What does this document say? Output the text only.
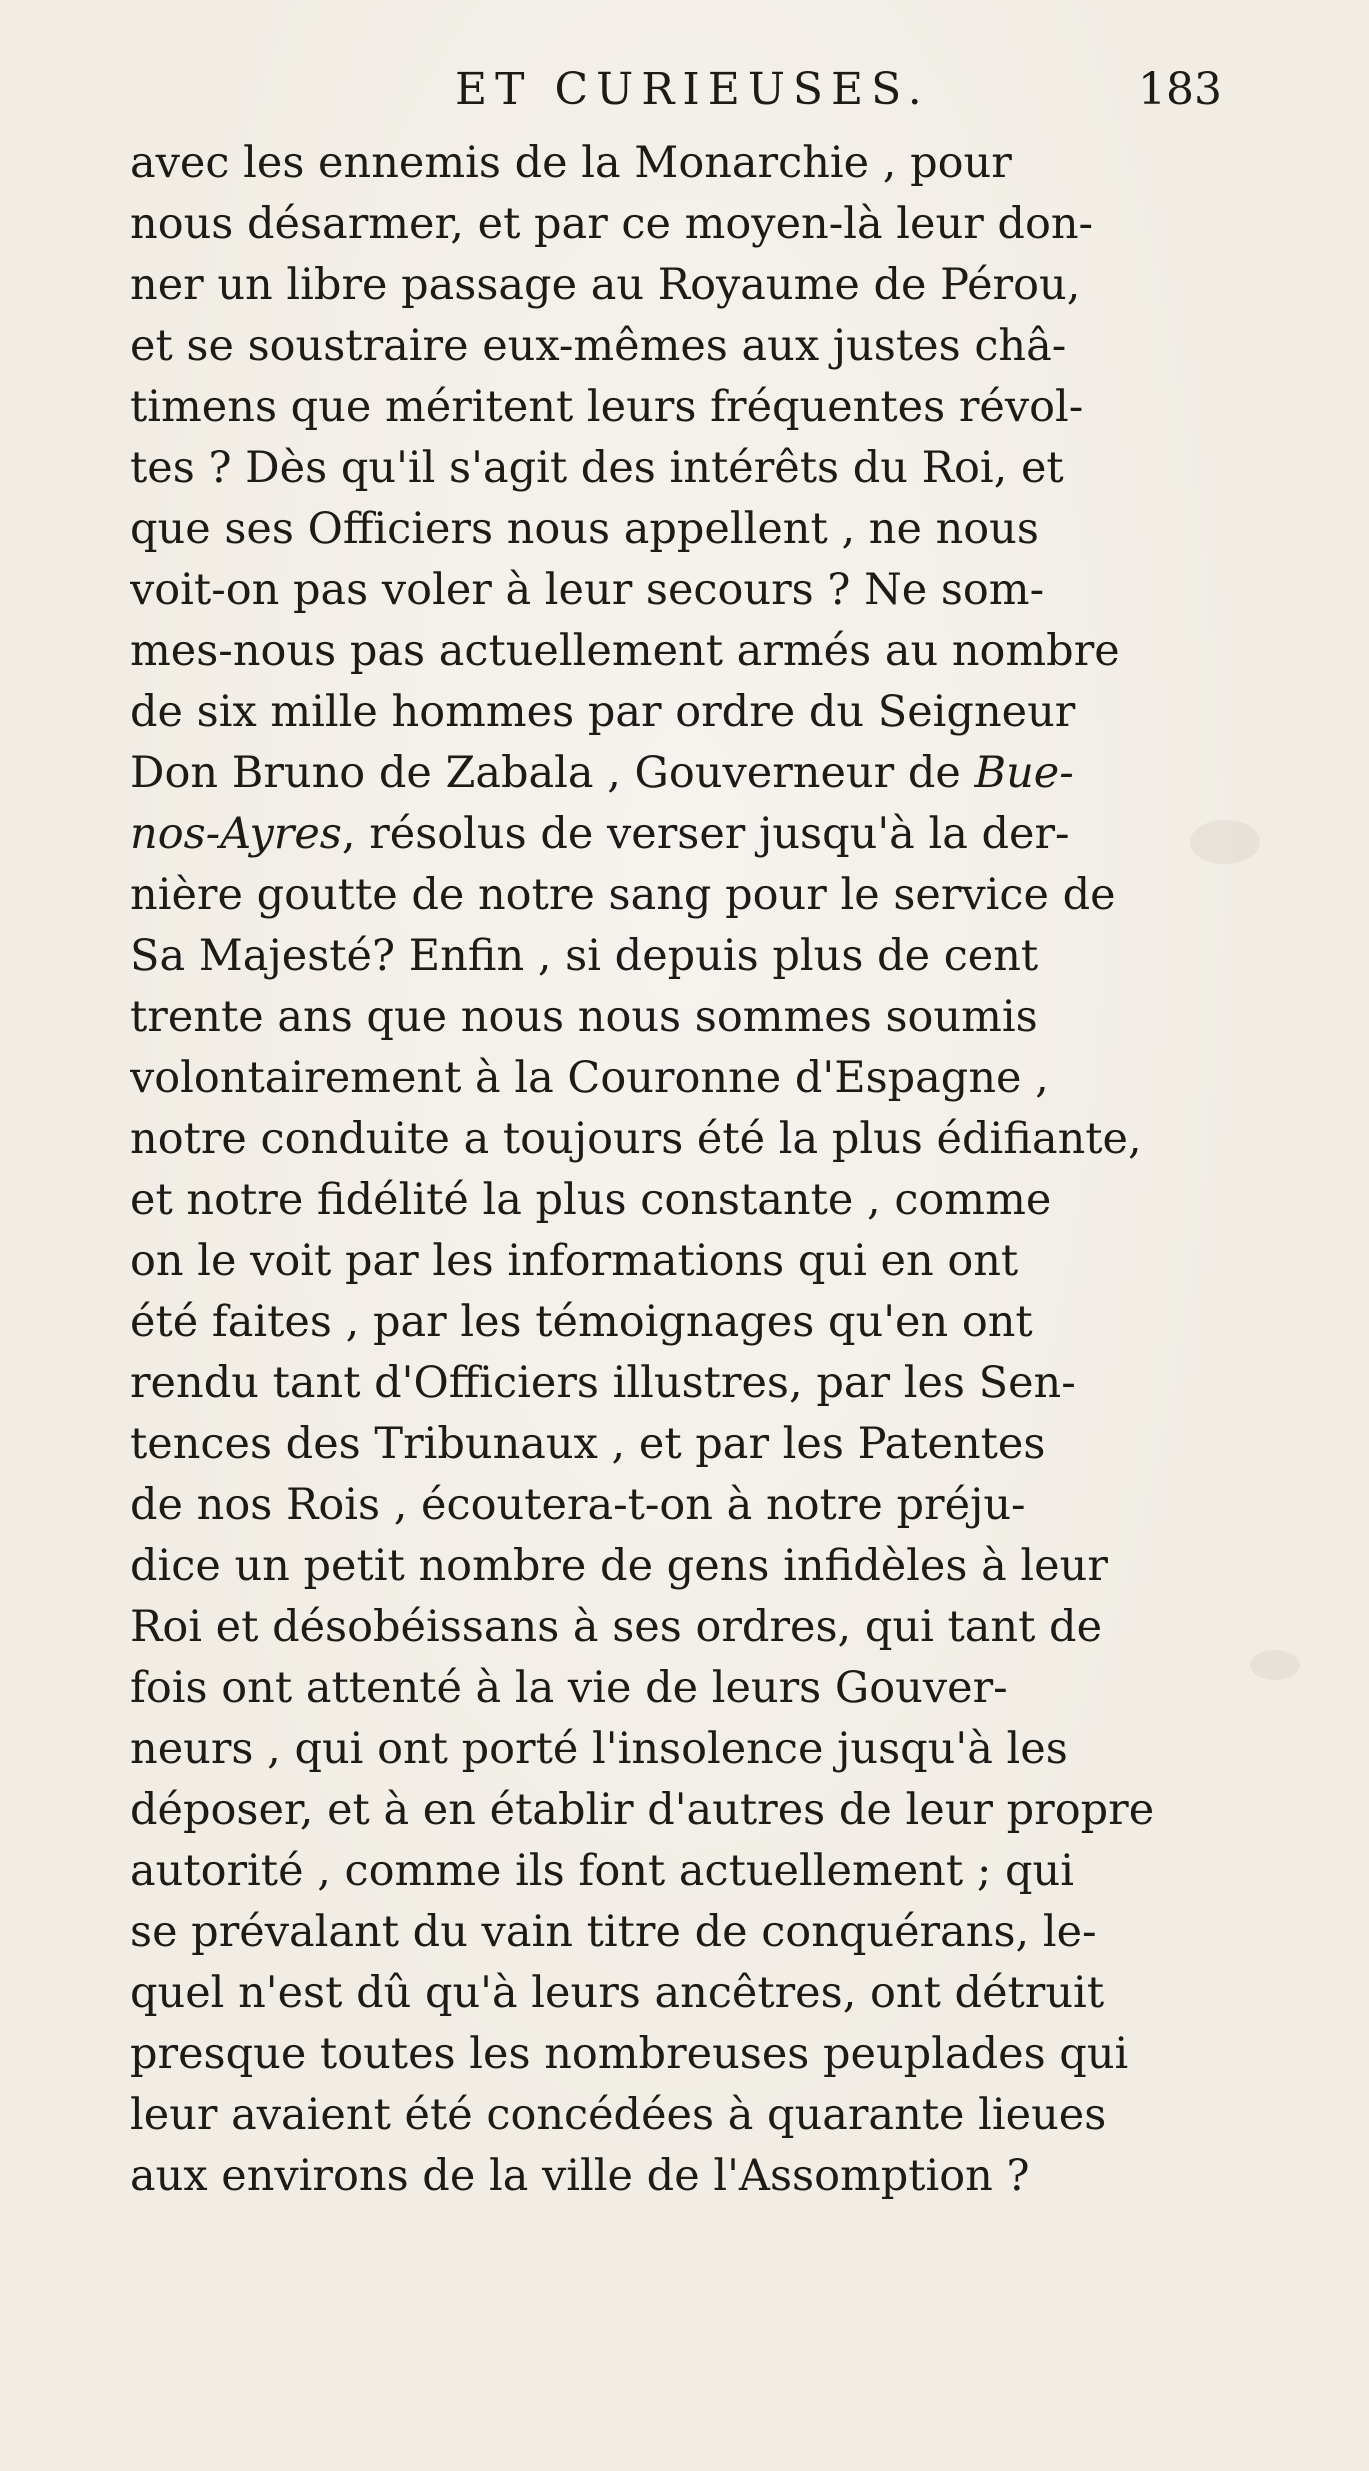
ET CURIEUSES.	183
avec les ennemis de la Monarchie , pour
nous désarmer, et par ce moyen-là leur don-
ner un libre passage au Royaume de Pérou,
et se soustraire eux-mêmes aux justes châ-
timens que méritent leurs fréquentes révol-
tes ? Dès qu'il s'agit des intérêts du Roi, et
que ses Officiers nous appellent , ne nous
voit-on pas voler à leur secours ? Ne som-
mes-nous pas actuellement armés au nombre
de six mille hommes par ordre du Seigneur
Don Bruno de Zabala , Gouverneur de Bue-
nos-Ayres, résolus de verser jusqu'à la der-
nière goutte de notre sang pour le service de
Sa Majesté? Enfin , si depuis plus de cent
trente ans que nous nous sommes soumis
volontairement à la Couronne d'Espagne ,
notre conduite a toujours été la plus édifiante,
et notre fidélité la plus constante , comme
on le voit par les informations qui en ont
été faites , par les témoignages qu'en ont
rendu tant d'Officiers illustres, par les Sen-
tences des Tribunaux , et par les Patentes
de nos Rois , écoutera-t-on à notre préju-
dice un petit nombre de gens infidèles à leur
Roi et désobéissans à ses ordres, qui tant de
fois ont attenté à la vie de leurs Gouver-
neurs , qui ont porté l'insolence jusqu'à les
déposer, et à en établir d'autres de leur propre
autorité , comme ils font actuellement ; qui
se prévalant du vain titre de conquérans, le-
quel n'est dû qu'à leurs ancêtres, ont détruit
presque toutes les nombreuses peuplades qui
leur avaient été concédées à quarante lieues
aux environs de la ville de l'Assomption ?
